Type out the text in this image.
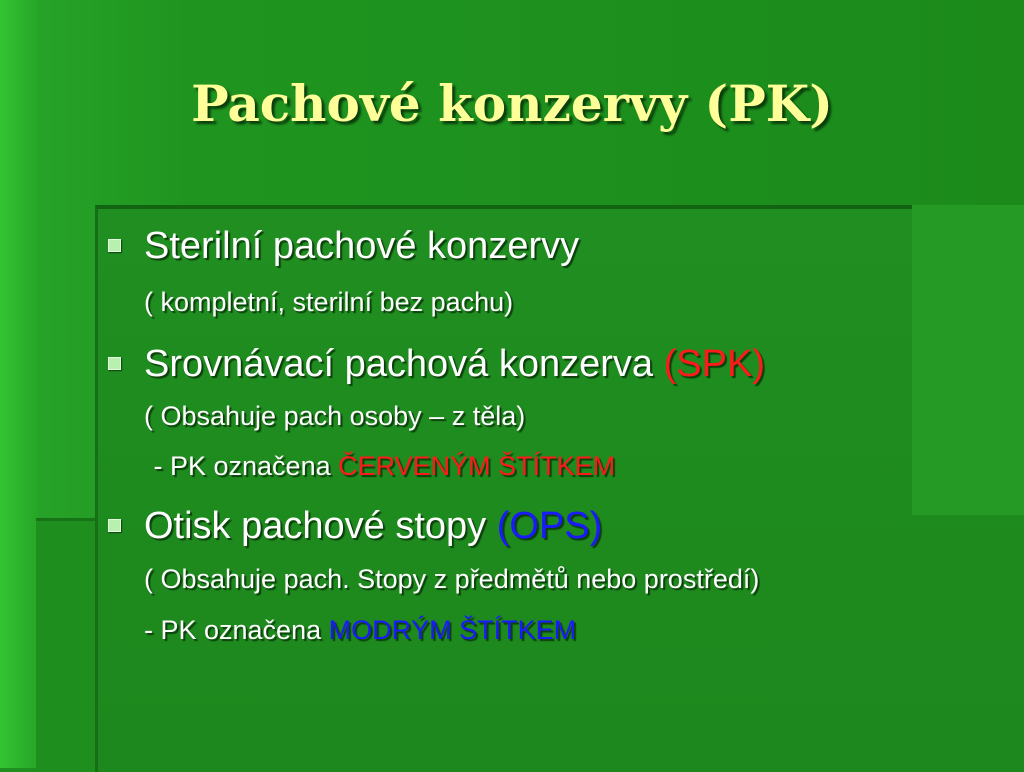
Pachové konzervy (PK)
Sterilní pachové konzervy
( kompletní, sterilní bez pachu)
Srovnávací pachová konzerva (SPK)
( Obsahuje pach osoby – z těla)
- PK označena ČERVENÝM ŠTÍTKEM
Otisk pachové stopy (OPS)
( Obsahuje pach. Stopy z předmětů nebo prostředí)
- PK označena MODRÝM ŠTÍTKEM
